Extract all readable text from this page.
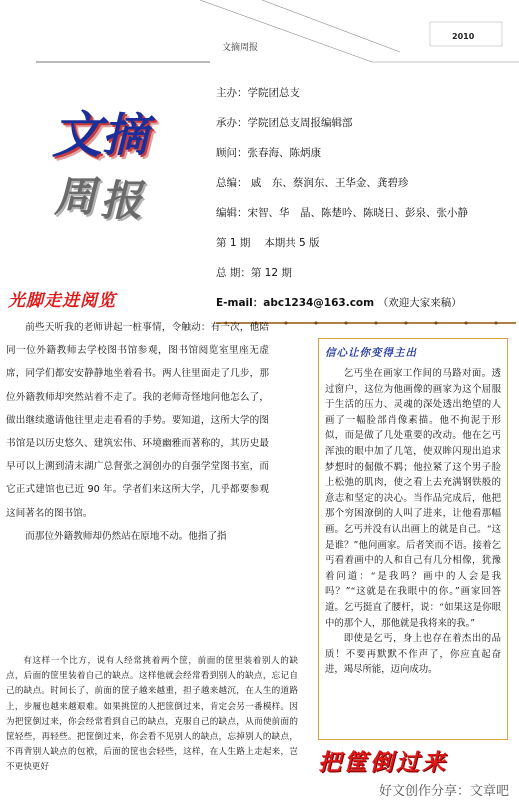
文摘周报
2010
文 摘
周 报
主办：学院团总支
承办：学院团总支周报编辑部
顾问：张春海、陈炳康
总编： 戚　东、蔡润东、王华金、龚碧珍
编辑：宋智、华　晶、陈楚吟、陈晓日、彭泉、张小静
第 1 期　 本期共 5 版
总 期：第 12 期
E-mail：abc1234@163.com （欢迎大家来稿）
光脚走进阅览

前些天听我的老师讲起一桩事情，令触动：有一次，他陪同一位外籍教师去学校图书馆参观，图书馆阅览室里座无虚席，同学们都安安静静地坐着看书。两人往里面走了几步，那位外籍教师却突然站着不走了。我的老师奇怪地问他怎么了，做出继续邀请他往里走走看看的手势。要知道，这所大学的图书馆是以历史悠久、建筑宏伟、环境幽雅而著称的，其历史最早可以上溯到清末湖广总督张之洞创办的自强学堂图书室，而它正式建馆也已近 90 年。学者们来这所大学，几乎都要参观这间著名的图书馆。

而那位外籍教师却仍然站在原地不动。他指了指

有这样一个比方，说有人经常挑着两个筐，前面的筐里装着别人的缺点，后面的筐里装着自己的缺点。这样他就会经常看到别人的缺点，忘记自己的缺点。时间长了，前面的筐子越来越重，担子越来越沉，在人生的道路上，步履也越来越艰难。如果挑筐的人把筐倒过来，肯定会另一番模样。因为把筐倒过来，你会经常看到自己的缺点，克服自己的缺点，从而使前面的筐轻些，再轻些。把筐倒过来，你会看不见别人的缺点，忘掉别人的缺点，不再背别人缺点的包袱，后面的筐也会轻些，这样，在人生路上走起来，岂不更快更好

信心让你变得主出

乞丐坐在画家工作间的马路对面。透过窗户，这位为他画像的画家为这个屈服于生活的压力、灵魂的深处透出绝望的人画了一幅脸部肖像素描。他不拘泥于形似，而是做了几处重要的改动。他在乞丐浑浊的眼中加了几笔，使双眸闪现出追求梦想时的倔傲不羁；他拉紧了这个男子脸上松弛的肌肉，使之看上去充满钢铁般的意志和坚定的决心。当作品完成后，他把那个穷困潦倒的人叫了进来，让他看那幅画。乞丐并没有认出画上的就是自己。“这是谁？”他问画家。后者笑而不语。接着乞丐看着画中的人和自己有几分相像，犹豫着问道：“是我吗？画中的人会是我吗？”“这就是在我眼中的你。”画家回答道。乞丐挺直了腰杆，说：“如果这是你眼中的那个人，那他就是我将来的我。”

即使是乞丐，身上也存在着杰出的品质！不要再默默不作声了，你应直起奋进，竭尽所能，迈向成功。

把筐倒过来
好文创作分享：文章吧
